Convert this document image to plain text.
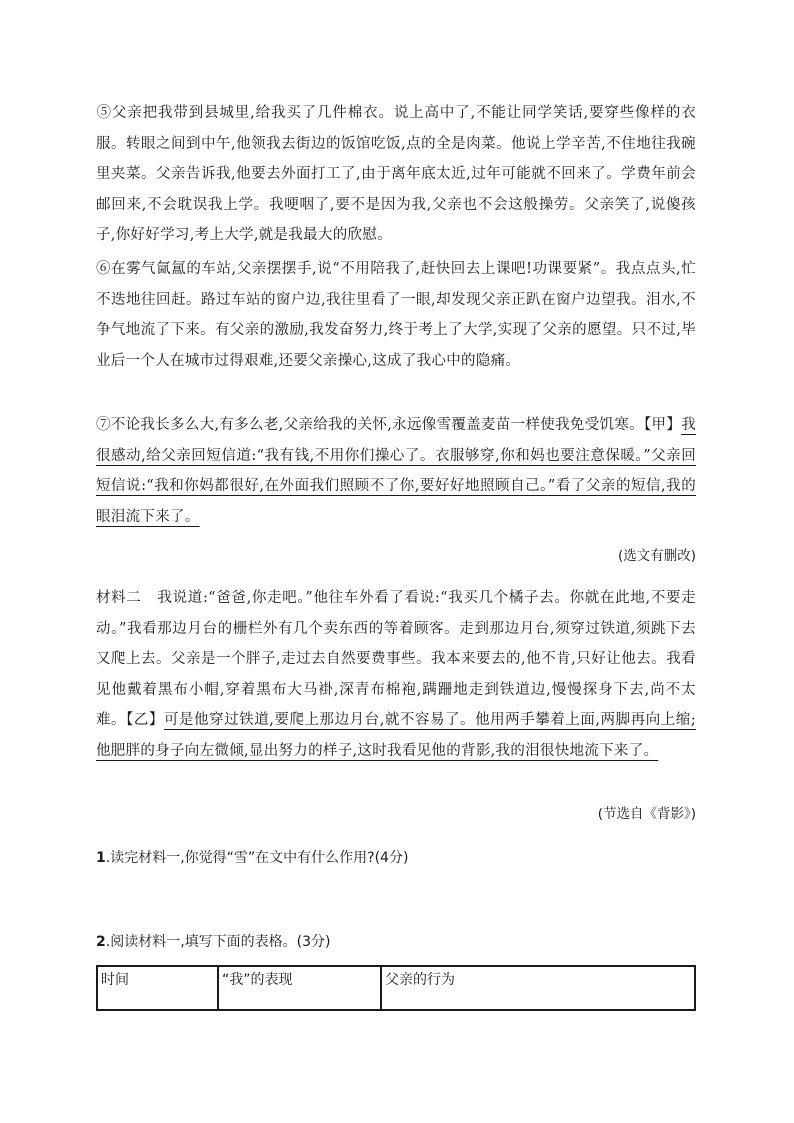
⑤父亲把我带到县城里,给我买了几件棉衣。说上高中了,不能让同学笑话,要穿些像样的衣服。转眼之间到中午,他领我去街边的饭馆吃饭,点的全是肉菜。他说上学辛苦,不住地往我碗里夹菜。父亲告诉我,他要去外面打工了,由于离年底太近,过年可能就不回来了。学费年前会邮回来,不会耽误我上学。我哽咽了,要不是因为我,父亲也不会这般操劳。父亲笑了,说傻孩子,你好好学习,考上大学,就是我最大的欣慰。

⑥在雾气氤氲的车站,父亲摆摆手,说“不用陪我了,赶快回去上课吧!功课要紧”。我点点头,忙不迭地往回赶。路过车站的窗户边,我往里看了一眼,却发现父亲正趴在窗户边望我。泪水,不争气地流了下来。有父亲的激励,我发奋努力,终于考上了大学,实现了父亲的愿望。只不过,毕业后一个人在城市过得艰难,还要父亲操心,这成了我心中的隐痛。

⑦不论我长多么大,有多么老,父亲给我的关怀,永远像雪覆盖麦苗一样使我免受饥寒。【甲】我很感动,给父亲回短信道:“我有钱,不用你们操心了。衣服够穿,你和妈也要注意保暖。”父亲回短信说:“我和你妈都很好,在外面我们照顾不了你,要好好地照顾自己。”看了父亲的短信,我的眼泪流下来了。

(选文有删改)

材料二 我说道:“爸爸,你走吧。”他往车外看了看说:“我买几个橘子去。你就在此地,不要走动。”我看那边月台的栅栏外有几个卖东西的等着顾客。走到那边月台,须穿过铁道,须跳下去又爬上去。父亲是一个胖子,走过去自然要费事些。我本来要去的,他不肯,只好让他去。我看见他戴着黑布小帽,穿着黑布大马褂,深青布棉袍,蹒跚地走到铁道边,慢慢探身下去,尚不太难。【乙】可是他穿过铁道,要爬上那边月台,就不容易了。他用两手攀着上面,两脚再向上缩;他肥胖的身子向左微倾,显出努力的样子,这时我看见他的背影,我的泪很快地流下来了。

(节选自《背影》)

1.读完材料一,你觉得“雪”在文中有什么作用?(4分)

2.阅读材料一,填写下面的表格。(3分)

时间	“我”的表现	父亲的行为
